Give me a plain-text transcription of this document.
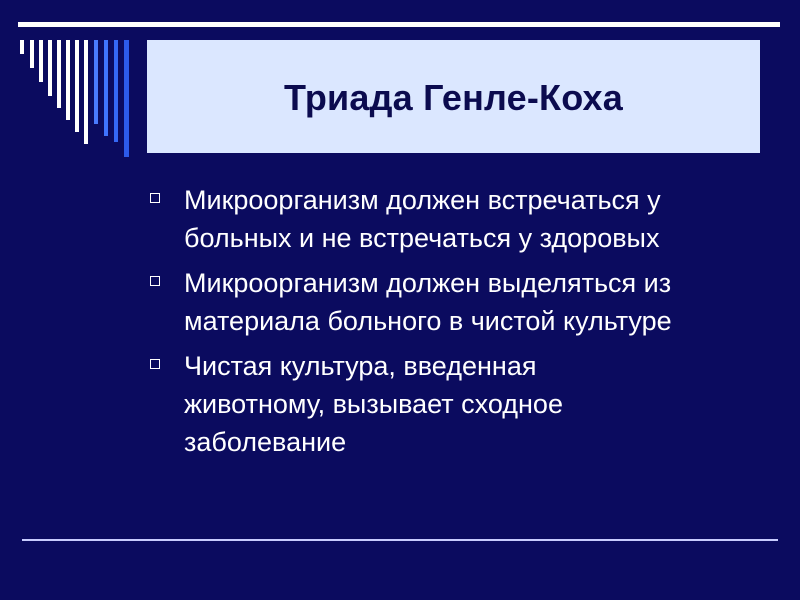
Триада Генле-Коха
Микроорганизм должен встречаться у
больных и не встречаться у здоровых
Микроорганизм должен выделяться из
материала больного в чистой культуре
Чистая культура, введенная
животному, вызывает сходное
заболевание
